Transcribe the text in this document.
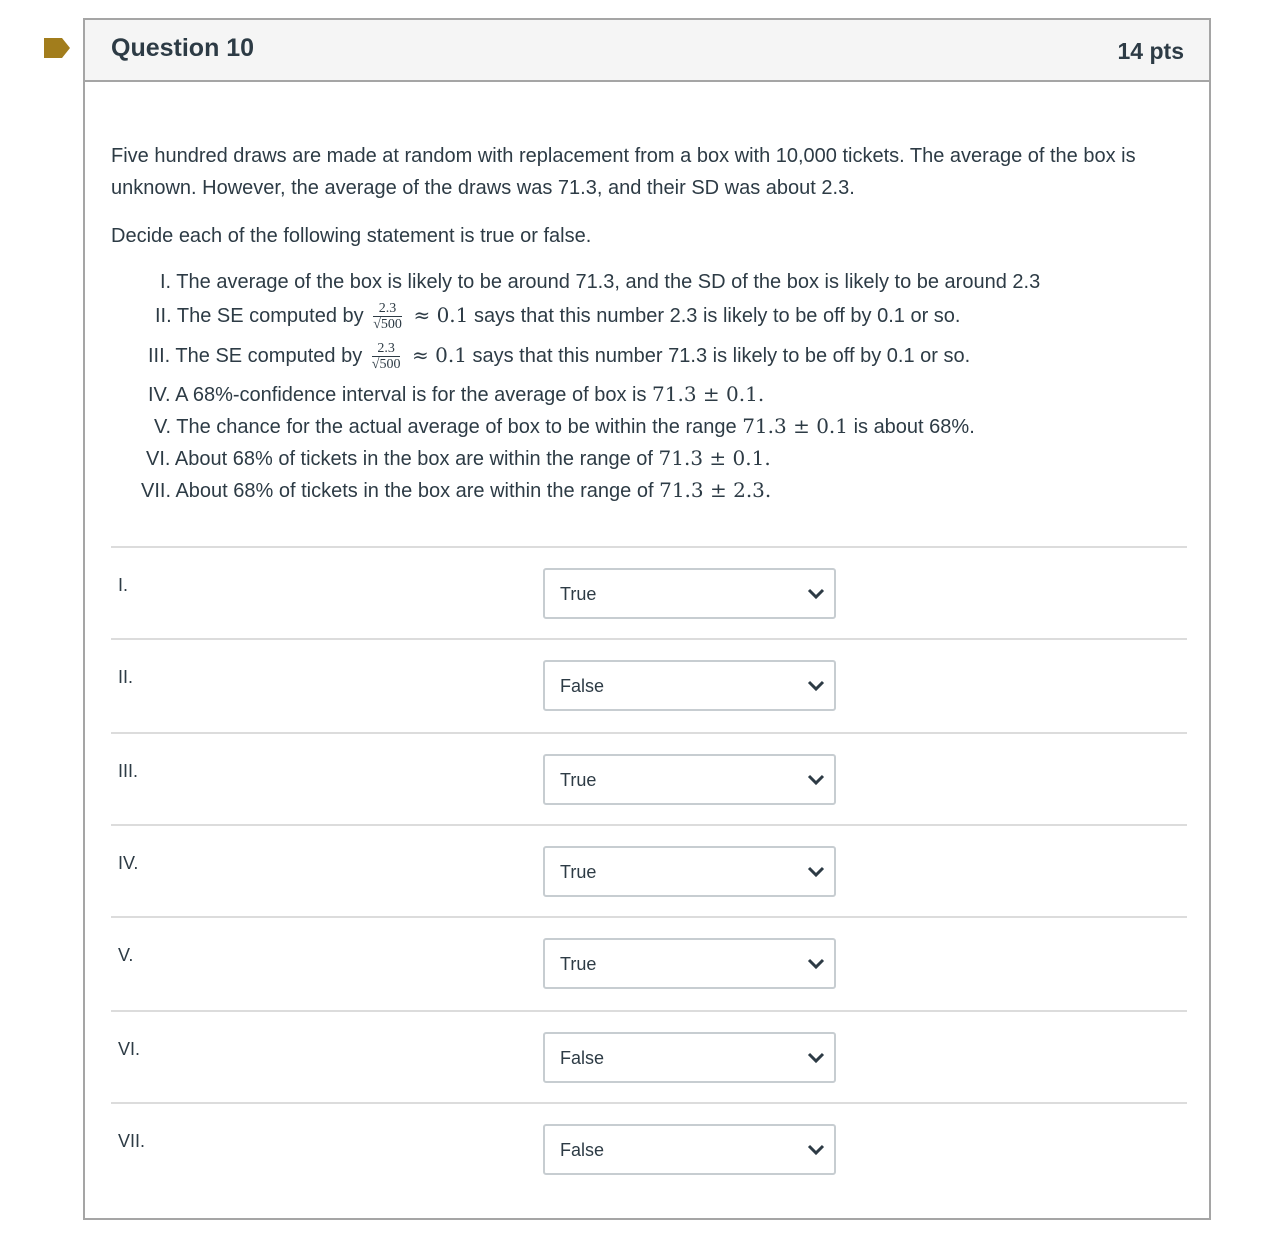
Question 10	14 pts

Five hundred draws are made at random with replacement from a box with 10,000 tickets. The average of the box is unknown. However, the average of the draws was 71.3, and their SD was about 2.3.

Decide each of the following statement is true or false.

I. The average of the box is likely to be around 71.3, and the SD of the box is likely to be around 2.3
II. The SE computed by $\frac{2.3}{√500} \approx 0.1$ says that this number 2.3 is likely to be off by 0.1 or so.
III. The SE computed by $\frac{2.3}{√500} \approx 0.1$ says that this number 71.3 is likely to be off by 0.1 or so.
IV. A 68%-confidence interval is for the average of box is 71.3 ± 0.1.
V. The chance for the actual average of box to be within the range 71.3 ± 0.1 is about 68%.
VI. About 68% of tickets in the box are within the range of 71.3 ± 0.1.
VII. About 68% of tickets in the box are within the range of 71.3 ± 2.3.
I.	True
II.	False
III.	True
IV.	True
V.	True
VI.	False
VII.	False
